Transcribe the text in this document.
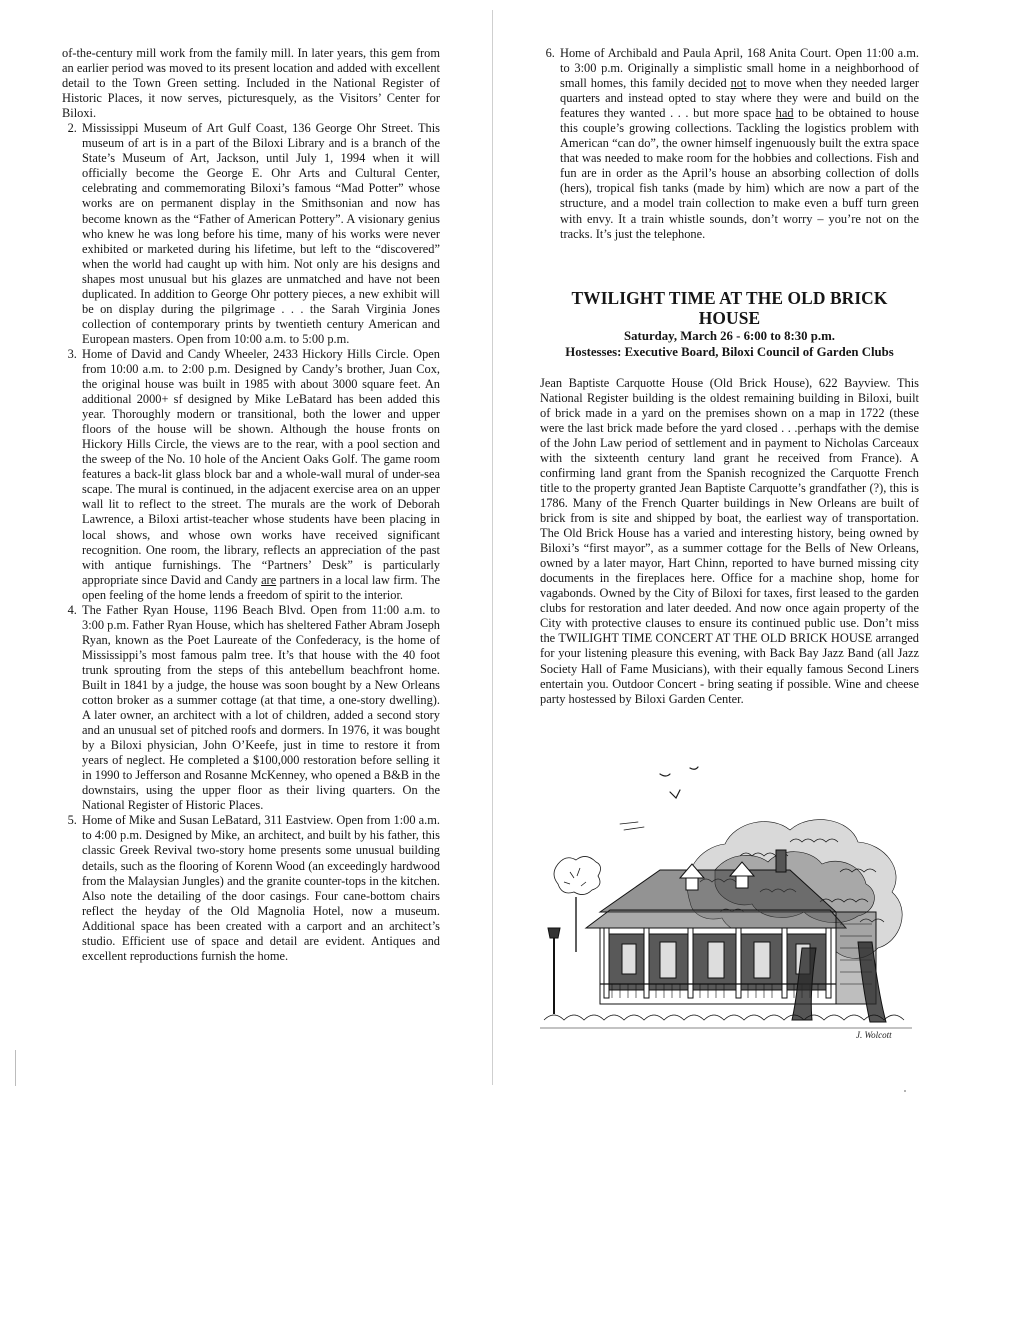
of-the-century mill work from the family mill. In later years, this gem from an earlier period was moved to its present location and added with excellent detail to the Town Green setting. Included in the National Register of Historic Places, it now serves, picturesquely, as the Visitors’ Center for Biloxi.

2. Mississippi Museum of Art Gulf Coast, 136 George Ohr Street. This museum of art is in a part of the Biloxi Library and is a branch of the State’s Museum of Art, Jackson, until July 1, 1994 when it will officially become the George E. Ohr Arts and Cultural Center, celebrating and commemorating Biloxi’s famous “Mad Potter” whose works are on permanent display in the Smithsonian and now has become known as the “Father of American Pottery”. A visionary genius who knew he was long before his time, many of his works were never exhibited or marketed during his lifetime, but left to the “discovered” when the world had caught up with him. Not only are his designs and shapes most unusual but his glazes are unmatched and have not been duplicated. In addition to George Ohr pottery pieces, a new exhibit will be on display during the pilgrimage . . . the Sarah Virginia Jones collection of contemporary prints by twentieth century American and European masters. Open from 10:00 a.m. to 5:00 p.m.
3. Home of David and Candy Wheeler, 2433 Hickory Hills Circle. Open from 10:00 a.m. to 2:00 p.m. Designed by Candy’s brother, Juan Cox, the original house was built in 1985 with about 3000 square feet. An additional 2000+ sf designed by Mike LeBatard has been added this year. Thoroughly modern or transitional, both the lower and upper floors of the house will be shown. Although the house fronts on Hickory Hills Circle, the views are to the rear, with a pool section and the sweep of the No. 10 hole of the Ancient Oaks Golf. The game room features a back-lit glass block bar and a whole-wall mural of under-sea scape. The mural is continued, in the adjacent exercise area on an upper wall lit to reflect to the street. The murals are the work of Deborah Lawrence, a Biloxi artist-teacher whose students have been placing in local shows, and whose own works have received significant recognition. One room, the library, reflects an appreciation of the past with antique furnishings. The “Partners’ Desk” is particularly appropriate since David and Candy are partners in a local law firm. The open feeling of the home lends a freedom of spirit to the interior.
4. The Father Ryan House, 1196 Beach Blvd. Open from 11:00 a.m. to 3:00 p.m. Father Ryan House, which has sheltered Father Abram Joseph Ryan, known as the Poet Laureate of the Confederacy, is the home of Mississippi’s most famous palm tree. It’s that house with the 40 foot trunk sprouting from the steps of this antebellum beachfront home. Built in 1841 by a judge, the house was soon bought by a New Orleans cotton broker as a summer cottage (at that time, a one-story dwelling). A later owner, an architect with a lot of children, added a second story and an unusual set of pitched roofs and dormers. In 1976, it was bought by a Biloxi physician, John O’Keefe, just in time to restore it from years of neglect. He completed a $100,000 restoration before selling it in 1990 to Jefferson and Rosanne McKenney, who opened a B&B in the downstairs, using the upper floor as their living quarters. On the National Register of Historic Places.
5. Home of Mike and Susan LeBatard, 311 Eastview. Open from 1:00 a.m. to 4:00 p.m. Designed by Mike, an architect, and built by his father, this classic Greek Revival two-story home presents some unusual building details, such as the flooring of Korenn Wood (an exceedingly hardwood from the Malaysian Jungles) and the granite counter-tops in the kitchen. Also note the detailing of the door casings. Four cane-bottom chairs reflect the heyday of the Old Magnolia Hotel, now a museum. Additional space has been created with a carport and an architect’s studio. Efficient use of space and detail are evident. Antiques and excellent reproductions furnish the home.
6. Home of Archibald and Paula April, 168 Anita Court. Open 11:00 a.m. to 3:00 p.m. Originally a simplistic small home in a neighborhood of small homes, this family decided not to move when they needed larger quarters and instead opted to stay where they were and build on the features they wanted . . . but more space had to be obtained to house this couple’s growing collections. Tackling the logistics problem with American “can do”, the owner himself ingenuously built the extra space that was needed to make room for the hobbies and collections. Fish and fun are in order as the April’s house an absorbing collection of dolls (hers), tropical fish tanks (made by him) which are now a part of the structure, and a model train collection to make even a buff turn green with envy. It a train whistle sounds, don’t worry – you’re not on the tracks. It’s just the telephone.
TWILIGHT TIME AT THE OLD BRICK HOUSE

Saturday, March 26 - 6:00 to 8:30 p.m.

Hostesses: Executive Board, Biloxi Council of Garden Clubs

Jean Baptiste Carquotte House (Old Brick House), 622 Bayview. This National Register building is the oldest remaining building in Biloxi, built of brick made in a yard on the premises shown on a map in 1722 (these were the last brick made before the yard closed . . .perhaps with the demise of the John Law period of settlement and in payment to Nicholas Carceaux with the sixteenth century land grant he received from France). A confirming land grant from the Spanish recognized the Carquotte French title to the property granted Jean Baptiste Carquotte’s grandfather (?), this is 1786. Many of the French Quarter buildings in New Orleans are built of brick from is site and shipped by boat, the earliest way of transportation. The Old Brick House has a varied and interesting history, being owned by Biloxi’s “first mayor”, as a summer cottage for the Bells of New Orleans, owned by a later mayor, Hart Chinn, reported to have burned missing city documents in the fireplaces here. Office for a machine shop, home for vagabonds. Owned by the City of Biloxi for taxes, first leased to the garden clubs for restoration and later deeded. And now once again property of the City with protective clauses to ensure its continued public use. Don’t miss the TWILIGHT TIME CONCERT AT THE OLD BRICK HOUSE arranged for your listening pleasure this evening, with Back Bay Jazz Band (all Jazz Society Hall of Fame Musicians), with their equally famous Second Liners entertain you. Outdoor Concert - bring seating if possible. Wine and cheese party hostessed by Biloxi Garden Center.

J. Wolcott
